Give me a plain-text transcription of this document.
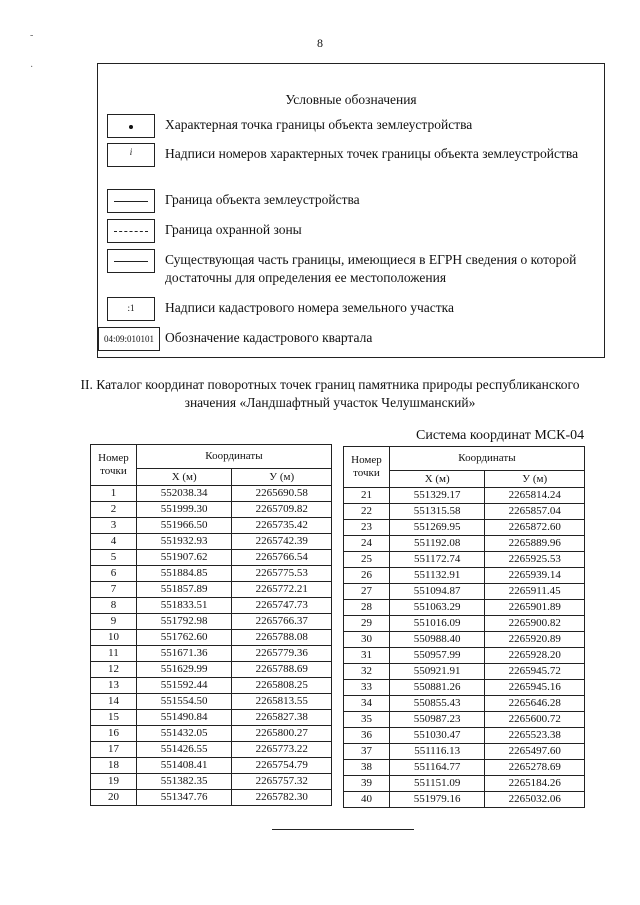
-
·
8
Условные обозначения
Характерная точка границы объекта землеустройства
i	Надписи номеров характерных точек границы объекта землеустройства
Граница объекта землеустройства
Граница охранной зоны
Существующая часть границы, имеющиеся в ЕГРН сведения о которой достаточны для определения ее местоположения
:1	Надписи кадастрового номера земельного участка
04:09:010101 Обозначение кадастрового квартала
II. Каталог координат поворотных точек границ памятника природы республиканского значения «Ландшафтный участок Челушманский»
Система координат МСК-04
Номер точки	Координаты	
	X (м)	У (м)
1	552038.34	2265690.58
2	551999.30	2265709.82
3	551966.50	2265735.42
4	551932.93	2265742.39
5	551907.62	2265766.54
6	551884.85	2265775.53
7	551857.89	2265772.21
8	551833.51	2265747.73
9	551792.98	2265766.37
10	551762.60	2265788.08
11	551671.36	2265779.36
12	551629.99	2265788.69
13	551592.44	2265808.25
14	551554.50	2265813.55
15	551490.84	2265827.38
16	551432.05	2265800.27
17	551426.55	2265773.22
18	551408.41	2265754.79
19	551382.35	2265757.32
20	551347.76	2265782.30
Номер точки	Координаты	
	X (м)	У (м)
21	551329.17	2265814.24
22	551315.58	2265857.04
23	551269.95	2265872.60
24	551192.08	2265889.96
25	551172.74	2265925.53
26	551132.91	2265939.14
27	551094.87	2265911.45
28	551063.29	2265901.89
29	551016.09	2265900.82
30	550988.40	2265920.89
31	550957.99	2265928.20
32	550921.91	2265945.72
33	550881.26	2265945.16
34	550855.43	2265646.28
35	550987.23	2265600.72
36	551030.47	2265523.38
37	551116.13	2265497.60
38	551164.77	2265278.69
39	551151.09	2265184.26
40	551979.16	2265032.06
